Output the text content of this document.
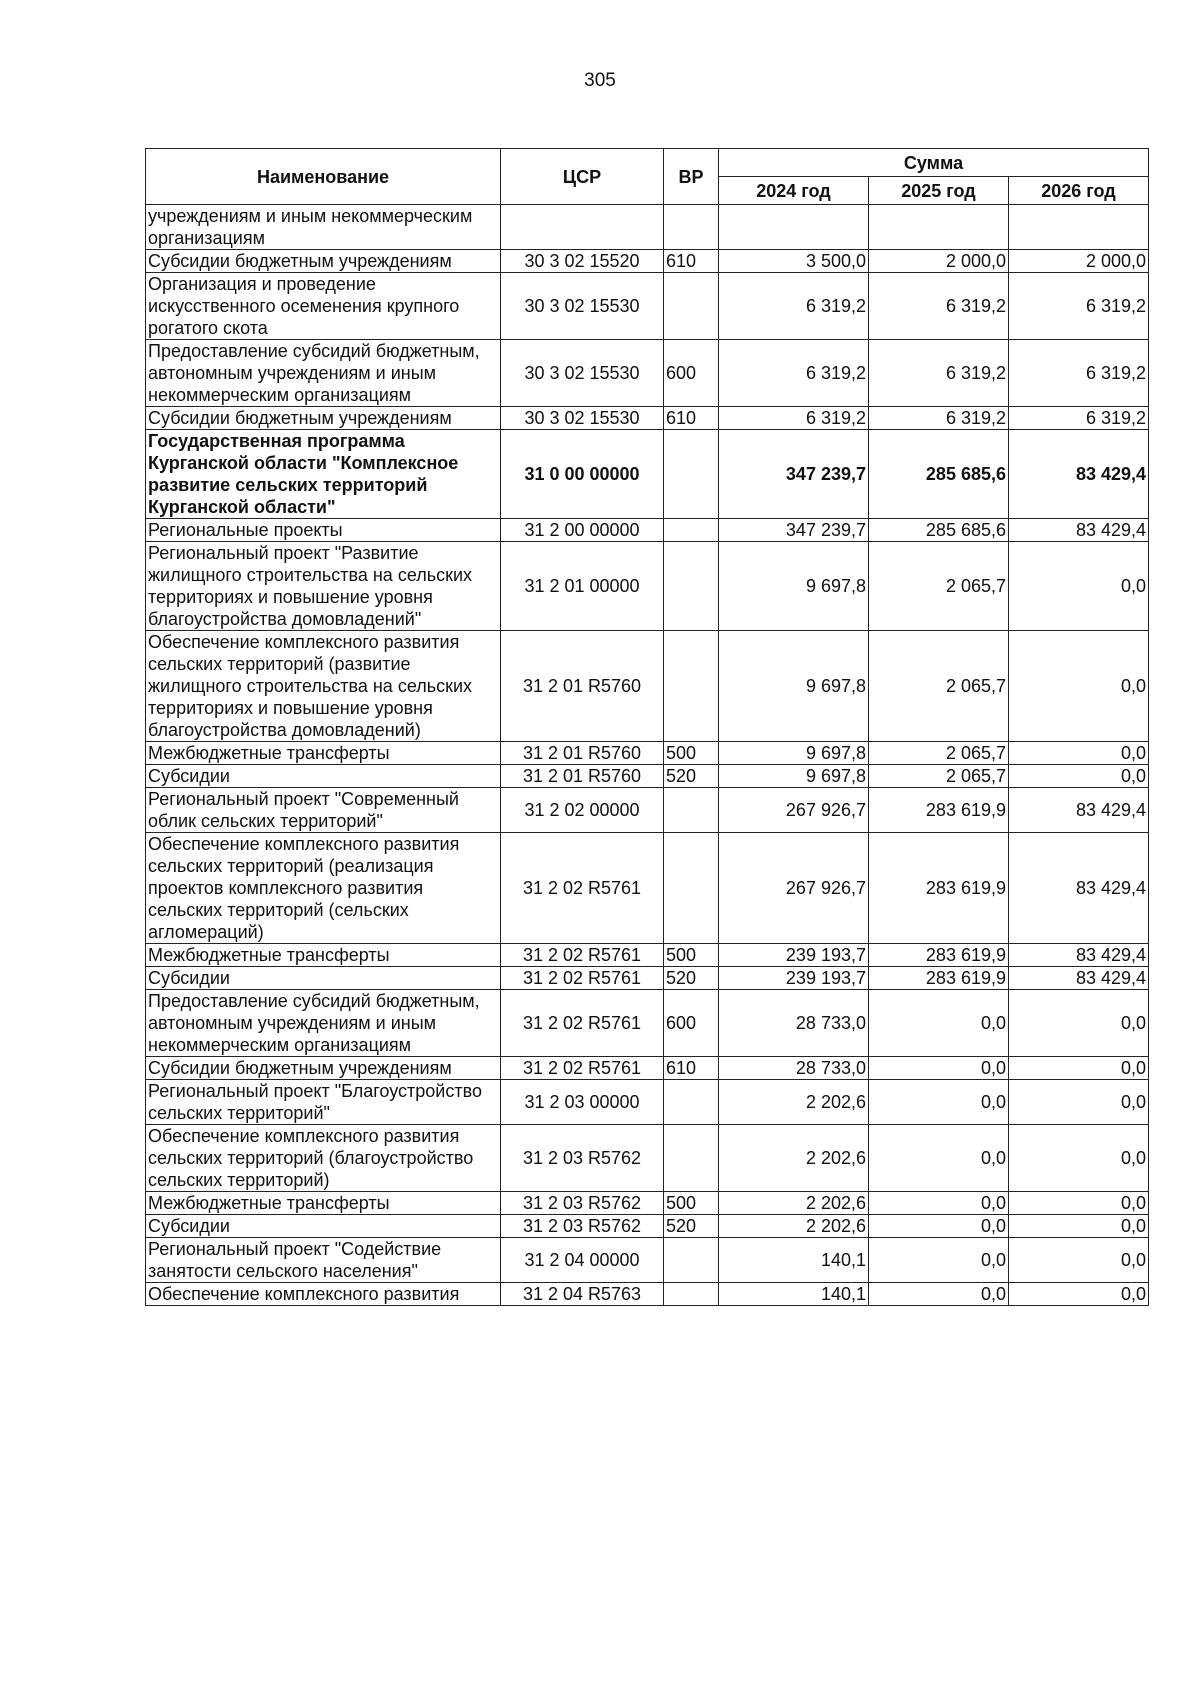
305
Наименование	ЦСР	ВР	Сумма		
			2024 год	2025 год	2026 год
учреждениям и иным некоммерческим организациям					
Субсидии бюджетным учреждениям	30 3 02 15520	610	3 500,0	2 000,0	2 000,0
Организация и проведение искусственного осеменения крупного рогатого скота	30 3 02 15530		6 319,2	6 319,2	6 319,2
Предоставление субсидий бюджетным, автономным учреждениям и иным некоммерческим организациям	30 3 02 15530	600	6 319,2	6 319,2	6 319,2
Субсидии бюджетным учреждениям	30 3 02 15530	610	6 319,2	6 319,2	6 319,2
Государственная программа Курганской области "Комплексное развитие сельских территорий Курганской области"	31 0 00 00000		347 239,7	285 685,6	83 429,4
Региональные проекты	31 2 00 00000		347 239,7	285 685,6	83 429,4
Региональный проект "Развитие жилищного строительства на сельских территориях и повышение уровня благоустройства домовладений"	31 2 01 00000		9 697,8	2 065,7	0,0
Обеспечение комплексного развития сельских территорий (развитие жилищного строительства на сельских территориях и повышение уровня благоустройства домовладений)	31 2 01 R5760		9 697,8	2 065,7	0,0
Межбюджетные трансферты	31 2 01 R5760	500	9 697,8	2 065,7	0,0
Субсидии	31 2 01 R5760	520	9 697,8	2 065,7	0,0
Региональный проект "Современный облик сельских территорий"	31 2 02 00000		267 926,7	283 619,9	83 429,4
Обеспечение комплексного развития сельских территорий (реализация проектов комплексного развития сельских территорий (сельских агломераций)	31 2 02 R5761		267 926,7	283 619,9	83 429,4
Межбюджетные трансферты	31 2 02 R5761	500	239 193,7	283 619,9	83 429,4
Субсидии	31 2 02 R5761	520	239 193,7	283 619,9	83 429,4
Предоставление субсидий бюджетным, автономным учреждениям и иным некоммерческим организациям	31 2 02 R5761	600	28 733,0	0,0	0,0
Субсидии бюджетным учреждениям	31 2 02 R5761	610	28 733,0	0,0	0,0
Региональный проект "Благоустройство сельских территорий"	31 2 03 00000		2 202,6	0,0	0,0
Обеспечение комплексного развития сельских территорий (благоустройство сельских территорий)	31 2 03 R5762		2 202,6	0,0	0,0
Межбюджетные трансферты	31 2 03 R5762	500	2 202,6	0,0	0,0
Субсидии	31 2 03 R5762	520	2 202,6	0,0	0,0
Региональный проект "Содействие занятости сельского населения"	31 2 04 00000		140,1	0,0	0,0
Обеспечение комплексного развития	31 2 04 R5763		140,1	0,0	0,0
